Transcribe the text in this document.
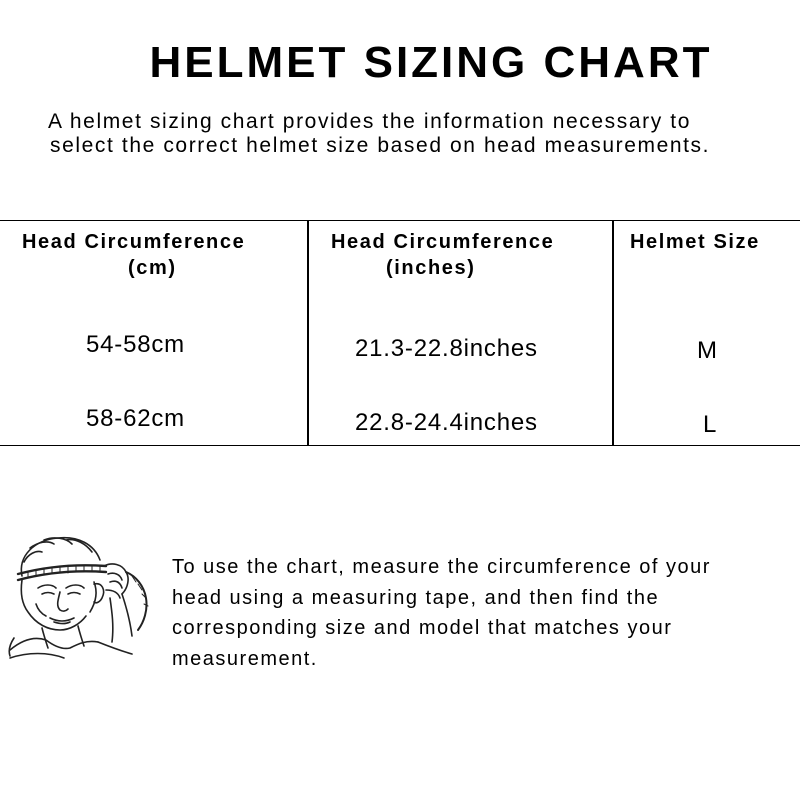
HELMET SIZING CHART
A helmet sizing chart provides the information necessary to
select the correct helmet size based on head measurements.
Head Circumference
(cm)
Head Circumference
(inches)
Helmet Size
54-58cm	21.3-22.8inches	M
58-62cm	22.8-24.4inches	L
To use the chart, measure the circumference of your
head using a measuring tape, and then find the
corresponding size and model that matches your
measurement.
